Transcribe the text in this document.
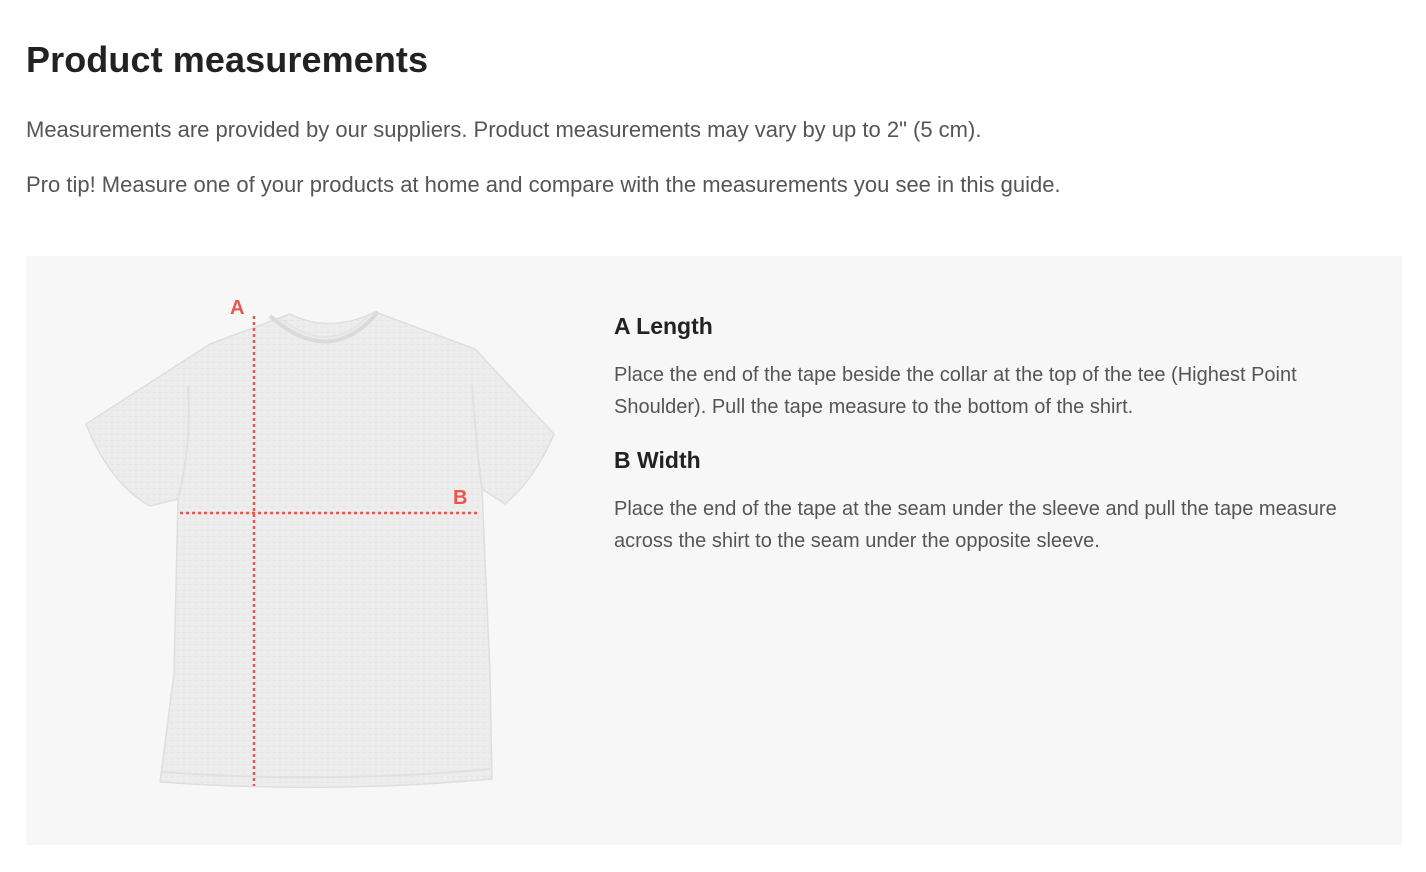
Product measurements

Measurements are provided by our suppliers. Product measurements may vary by up to 2" (5 cm).

Pro tip! Measure one of your products at home and compare with the measurements you see in this guide.

A
B
A Length

Place the end of the tape beside the collar at the top of the tee (Highest Point Shoulder). Pull the tape measure to the bottom of the shirt.

B Width

Place the end of the tape at the seam under the sleeve and pull the tape measure across the shirt to the seam under the opposite sleeve.
